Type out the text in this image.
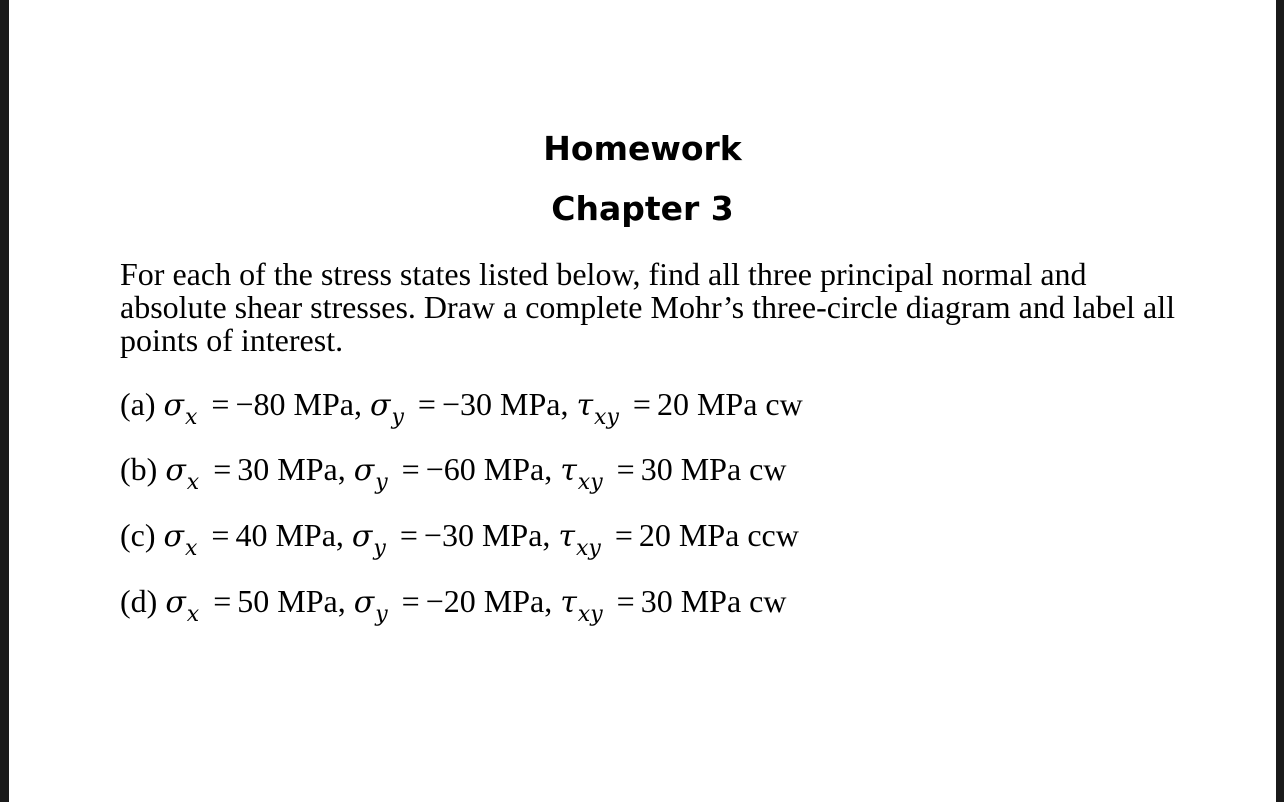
Homework
Chapter 3
For each of the stress states listed below, find all three principal normal and absolute shear stresses. Draw a complete Mohr’s three-circle diagram and label all points of interest.
(a) $\sigma_x = -80$ MPa, $\sigma_y = -30$ MPa, $\tau_{xy} = 20$ MPa cw
(b) $\sigma_x = 30$ MPa, $\sigma_y = -60$ MPa, $\tau_{xy} = 30$ MPa cw
(c) $\sigma_x = 40$ MPa, $\sigma_y = -30$ MPa, $\tau_{xy} = 20$ MPa ccw
(d) $\sigma_x = 50$ MPa, $\sigma_y = -20$ MPa, $\tau_{xy} = 30$ MPa cw
